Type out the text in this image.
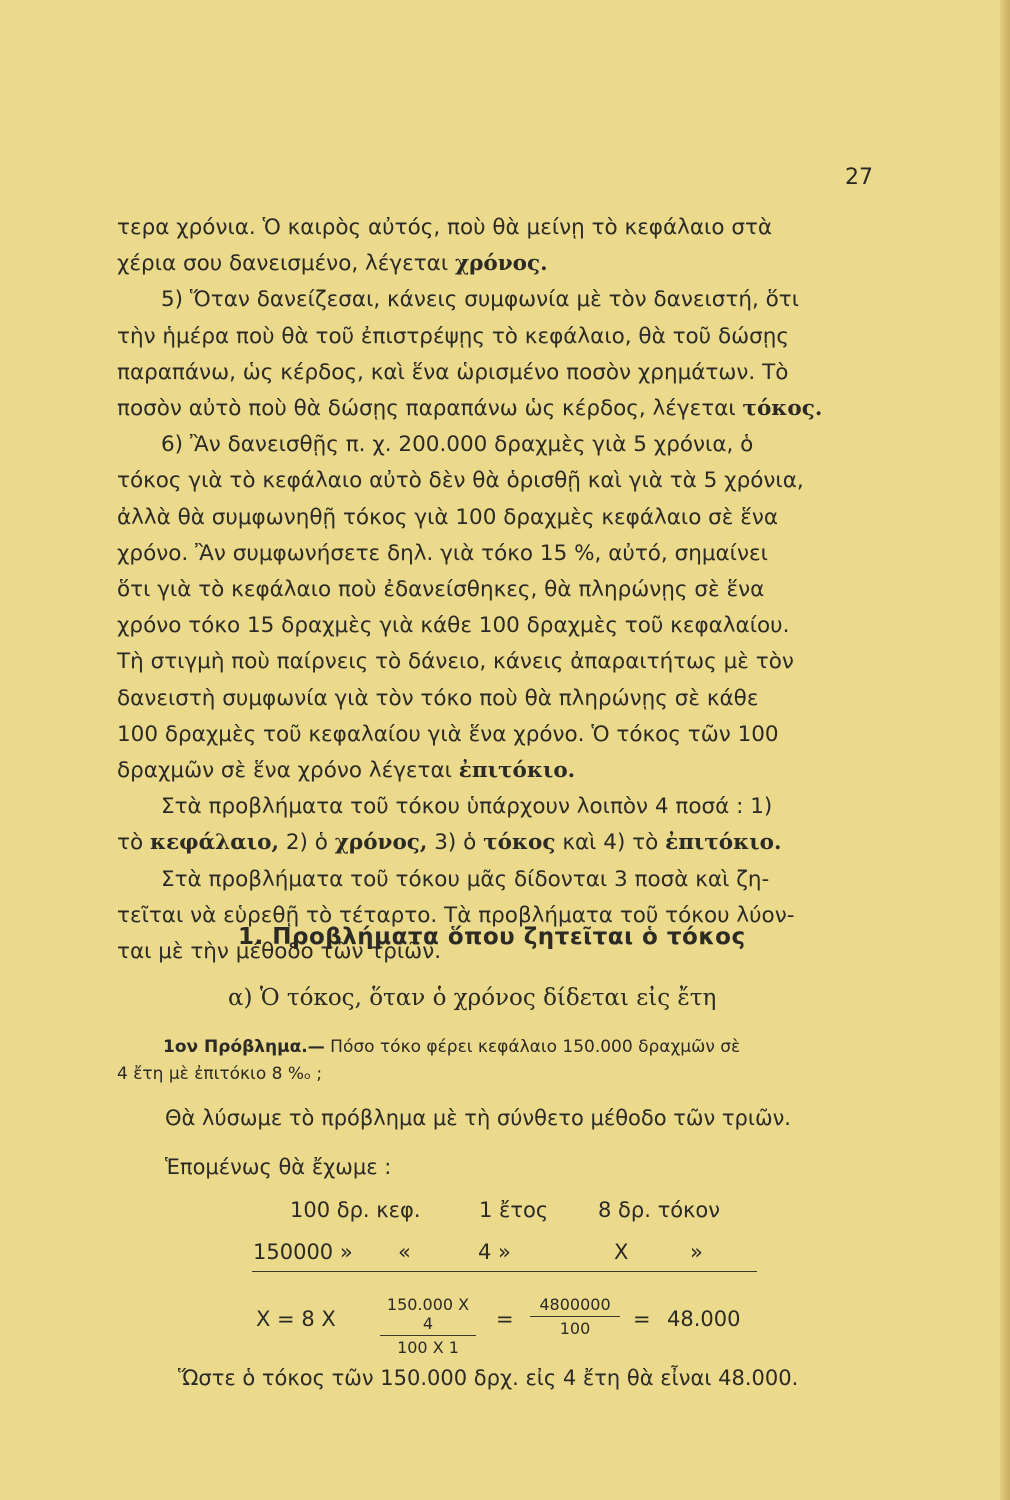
27
τερα χρόνια. Ὁ καιρὸς αὐτός, ποὺ θὰ μείνῃ τὸ κεφάλαιο στὰ
χέρια σου δανεισμένο, λέγεται χρόνος.
5) Ὅταν δανείζεσαι, κάνεις συμφωνία μὲ τὸν δανειστή, ὅτι
τὴν ἡμέρα ποὺ θὰ τοῦ ἐπιστρέψῃς τὸ κεφάλαιο, θὰ τοῦ δώσῃς
παραπάνω, ὡς κέρδος, καὶ ἕνα ὡρισμένο ποσὸν χρημάτων. Τὸ
ποσὸν αὐτὸ ποὺ θὰ δώσῃς παραπάνω ὡς κέρδος, λέγεται τόκος.
6) Ἂν δανεισθῇς π. χ. 200.000 δραχμὲς γιὰ 5 χρόνια, ὁ
τόκος γιὰ τὸ κεφάλαιο αὐτὸ δὲν θὰ ὁρισθῇ καὶ γιὰ τὰ 5 χρόνια,
ἀλλὰ θὰ συμφωνηθῇ τόκος γιὰ 100 δραχμὲς κεφάλαιο σὲ ἕνα
χρόνο. Ἂν συμφωνήσετε δηλ. γιὰ τόκο 15 %, αὐτό, σημαίνει
ὅτι γιὰ τὸ κεφάλαιο ποὺ ἐδανείσθηκες, θὰ πληρώνῃς σὲ ἕνα
χρόνο τόκο 15 δραχμὲς γιὰ κάθε 100 δραχμὲς τοῦ κεφαλαίου.
Τὴ στιγμὴ ποὺ παίρνεις τὸ δάνειο, κάνεις ἀπαραιτήτως μὲ τὸν
δανειστὴ συμφωνία γιὰ τὸν τόκο ποὺ θὰ πληρώνῃς σὲ κάθε
100 δραχμὲς τοῦ κεφαλαίου γιὰ ἕνα χρόνο. Ὁ τόκος τῶν 100
δραχμῶν σὲ ἕνα χρόνο λέγεται ἐπιτόκιο.
Στὰ προβλήματα τοῦ τόκου ὑπάρχουν λοιπὸν 4 ποσά : 1)
τὸ κεφάλαιο, 2) ὁ χρόνος, 3) ὁ τόκος καὶ 4) τὸ ἐπιτόκιο.
Στὰ προβλήματα τοῦ τόκου μᾶς δίδονται 3 ποσὰ καὶ ζη-
τεῖται νὰ εὑρεθῇ τὸ τέταρτο. Τὰ προβλήματα τοῦ τόκου λύον-
ται μὲ τὴν μέθοδο τῶν τριῶν.
1. Προβλήματα ὅπου ζητεῖται ὁ τόκος
α) Ὁ τόκος, ὅταν ὁ χρόνος δίδεται εἰς ἔτη
1ον Πρόβλημα.— Πόσο τόκο φέρει κεφάλαιο 150.000 δραχμῶν σὲ
4 ἔτη μὲ ἐπιτόκιο 8 %ₒ ;
Θὰ λύσωμε τὸ πρόβλημα μὲ τὴ σύνθετο μέθοδο τῶν τριῶν.
Ἑπομένως θὰ ἔχωμε :
100 δρ. κεφ.	1 ἔτος 8 δρ. τόκον
150000 » «	4 »	X	»
X = 8 X
150.000 X 4
100 X 1
=
4800000
100	= 48.000
Ὥστε ὁ τόκος τῶν 150.000 δρχ. εἰς 4 ἔτη θὰ εἶναι 48.000.
